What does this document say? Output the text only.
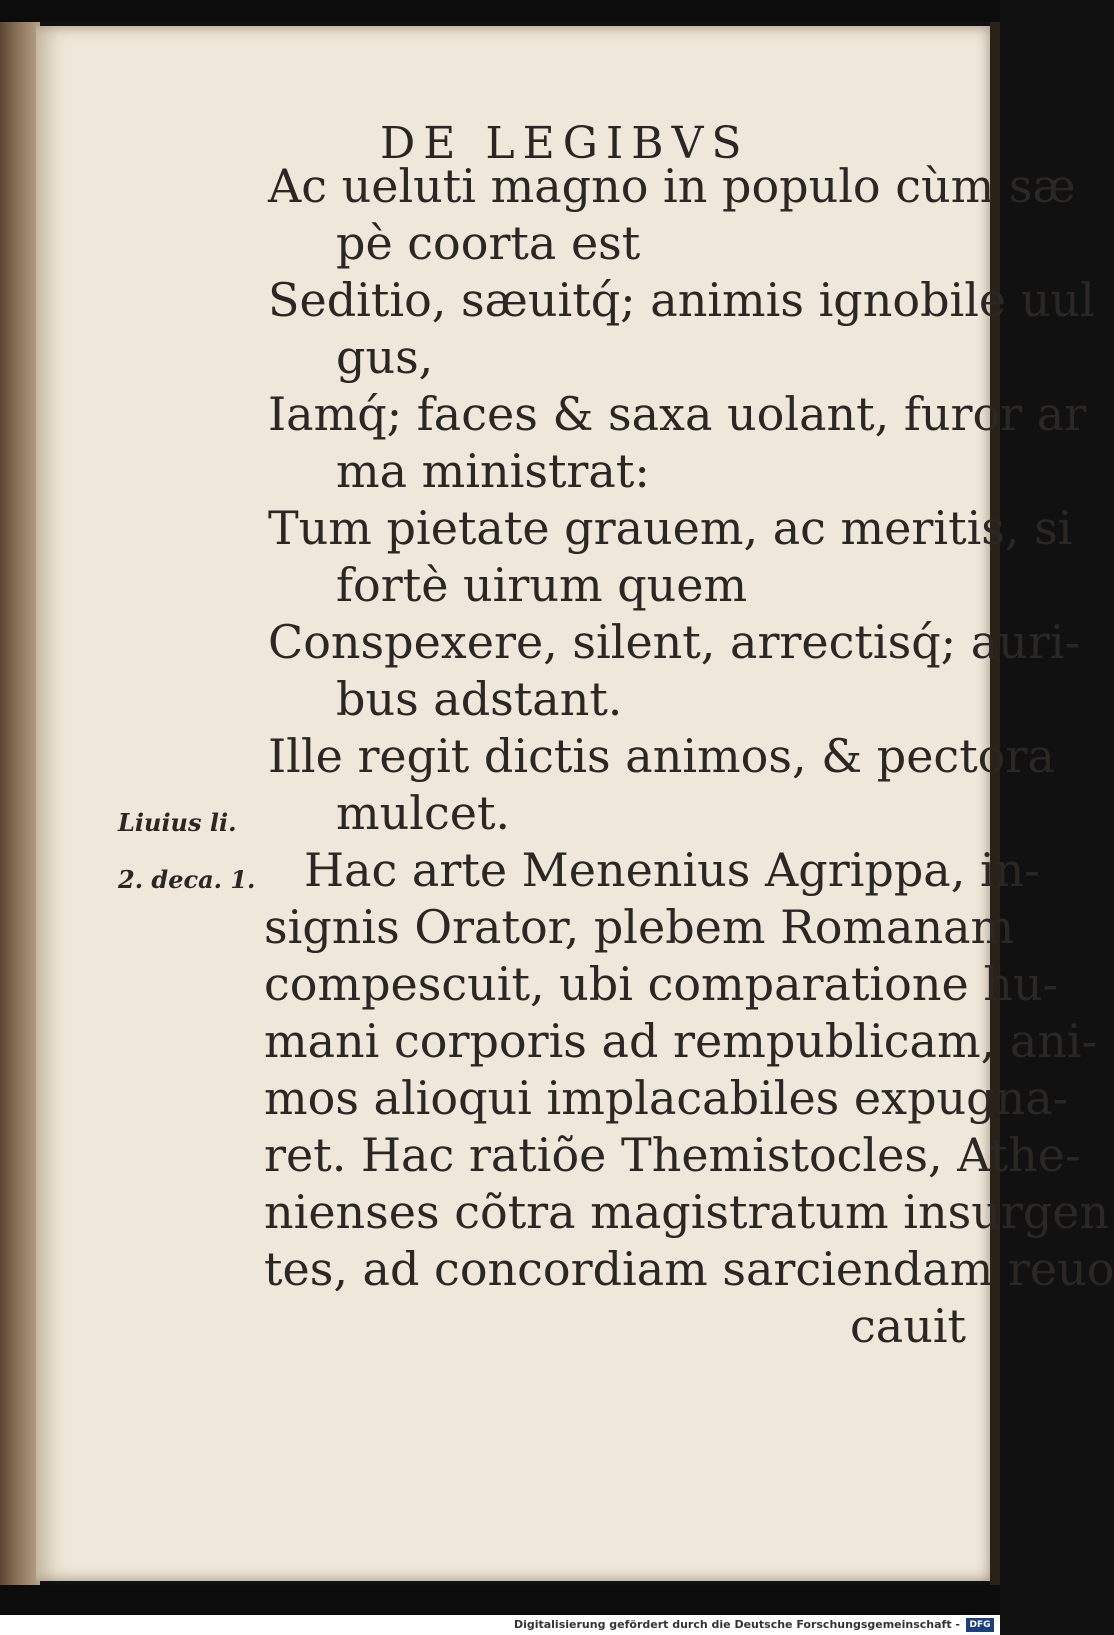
DE LEGIBVS
Ac ueluti magno in populo cùm sæ
pè coorta est
Seditio, sæuitq́; animis ignobile uul
gus,
Iamq́; faces & saxa uolant, furor ar
ma ministrat:
Tum pietate grauem, ac meritis, si
fortè uirum quem
Conspexere, silent, arrectisq́; auri-
bus adstant.
Ille regit dictis animos, & pectora
mulcet.
Hac arte Menenius Agrippa, in-
signis Orator, plebem Romanam
compescuit, ubi comparatione hu-
mani corporis ad rempublicam, ani-
mos alioqui implacabiles expugna-
ret. Hac ratiõe Themistocles, Athe-
nienses cõtra magistratum insurgen
tes, ad concordiam sarciendam reuo
cauit
Liuius li.
2. deca. 1.
Digitalisierung gefördert durch die Deutsche Forschungsgemeinschaft -	DFG
